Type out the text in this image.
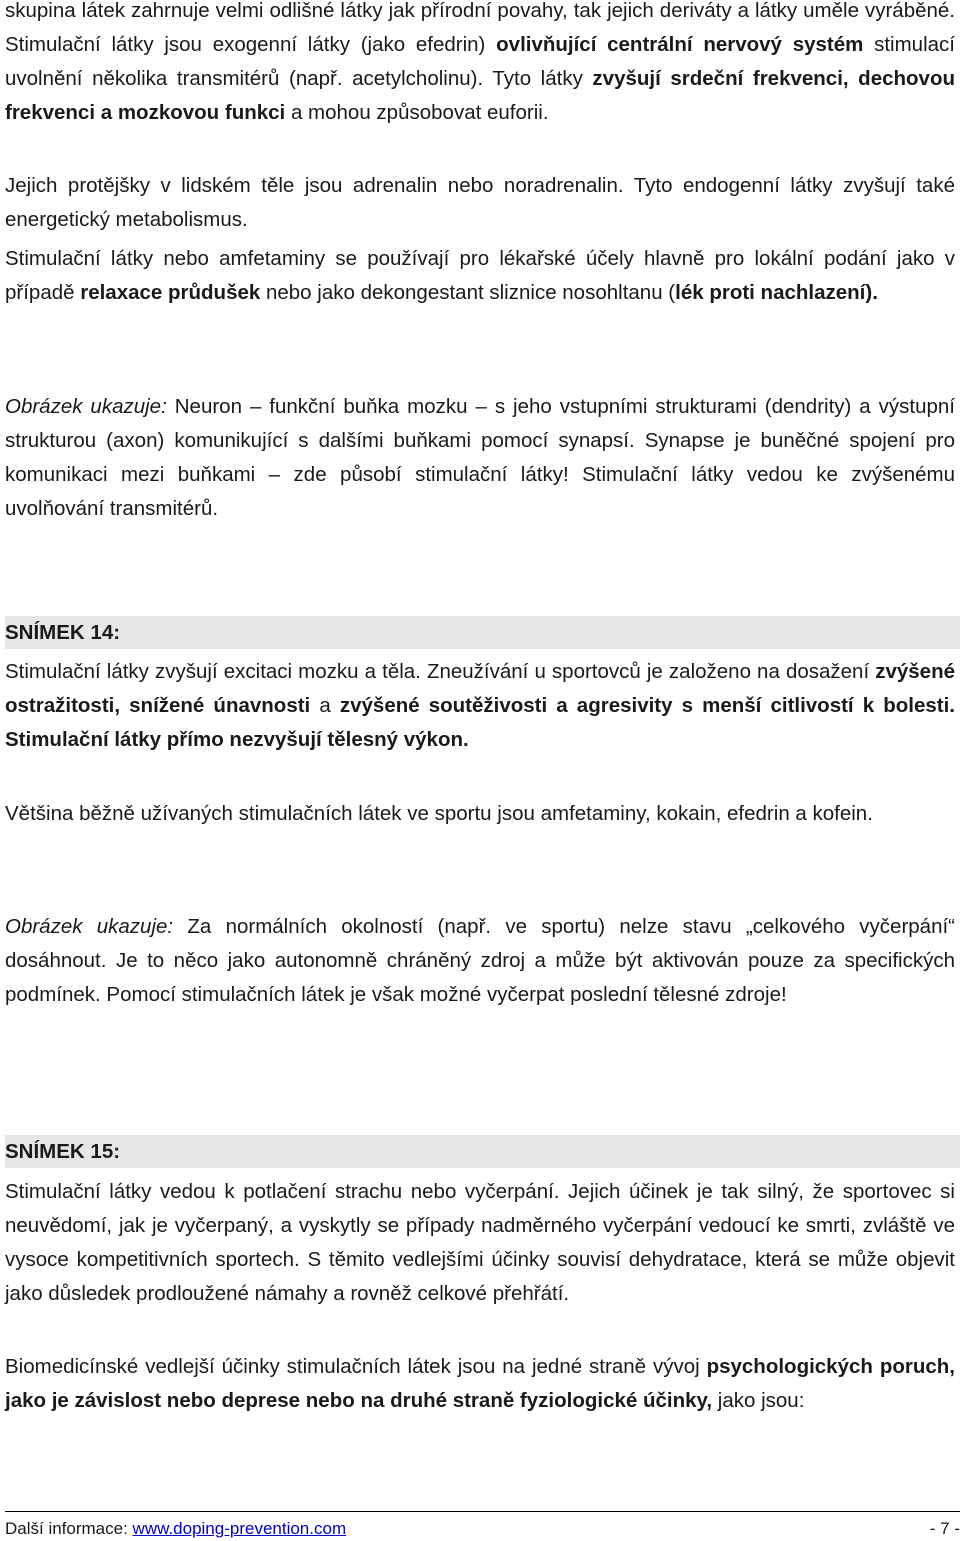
skupina látek zahrnuje velmi odlišné látky jak přírodní povahy, tak jejich deriváty a látky uměle vyráběné. Stimulační látky jsou exogenní látky (jako efedrin) ovlivňující centrální nervový systém stimulací uvolnění několika transmitérů (např. acetylcholinu). Tyto látky zvyšují srdeční frekvenci, dechovou frekvenci a mozkovou funkci a mohou způsobovat euforii.

Jejich protějšky v lidském těle jsou adrenalin nebo noradrenalin. Tyto endogenní látky zvyšují také energetický metabolismus.

Stimulační látky nebo amfetaminy se používají pro lékařské účely hlavně pro lokální podání jako v případě relaxace průdušek nebo jako dekongestant sliznice nosohltanu (lék proti nachlazení).

Obrázek ukazuje: Neuron – funkční buňka mozku – s jeho vstupními strukturami (dendrity) a výstupní strukturou (axon) komunikující s dalšími buňkami pomocí synapsí. Synapse je buněčné spojení pro komunikaci mezi buňkami – zde působí stimulační látky! Stimulační látky vedou ke zvýšenému uvolňování transmitérů.

SNÍMEK 14:

Stimulační látky zvyšují excitaci mozku a těla. Zneužívání u sportovců je založeno na dosažení zvýšené ostražitosti, snížené únavnosti a zvýšené soutěživosti a agresivity s menší citlivostí k bolesti. Stimulační látky přímo nezvyšují tělesný výkon.

Většina běžně užívaných stimulačních látek ve sportu jsou amfetaminy, kokain, efedrin a kofein.

Obrázek ukazuje: Za normálních okolností (např. ve sportu) nelze stavu „celkového vyčerpání“ dosáhnout. Je to něco jako autonomně chráněný zdroj a může být aktivován pouze za specifických podmínek. Pomocí stimulačních látek je však možné vyčerpat poslední tělesné zdroje!

SNÍMEK 15:

Stimulační látky vedou k potlačení strachu nebo vyčerpání. Jejich účinek je tak silný, že sportovec si neuvědomí, jak je vyčerpaný, a vyskytly se případy nadměrného vyčerpání vedoucí ke smrti, zvláště ve vysoce kompetitivních sportech. S těmito vedlejšími účinky souvisí dehydratace, která se může objevit jako důsledek prodloužené námahy a rovněž celkové přehřátí.

Biomedicínské vedlejší účinky stimulačních látek jsou na jedné straně vývoj psychologických poruch, jako je závislost nebo deprese nebo na druhé straně fyziologické účinky, jako jsou:

Další informace: www.doping-prevention.com	- 7 -
